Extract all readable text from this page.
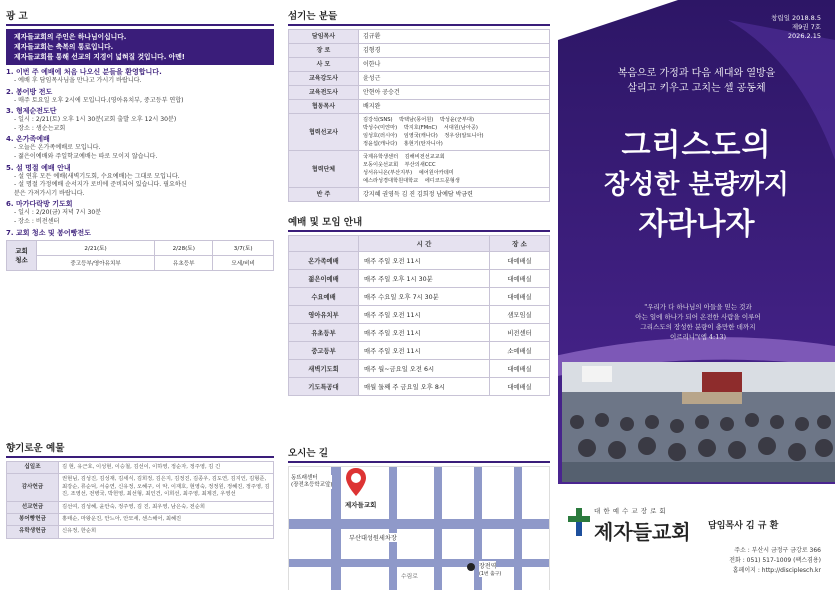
광 고
제자들교회의 주인은 하나님이십니다.
제자들교회는 축복의 통로입니다.
제자들교회를 통해 선교의 지경이 넓혀질 것입니다. 아멘!
1. 이번 주 예배에 처음 나오신 분들을 환영합니다.
- 예배 후 담임목사님을 만나고 가시기 바랍니다.
2. 봉어방 전도
- 매주 토요일 오후 2시에 모입니다.(영아유치부, 중고등부 연합)
3. 형제순전도단
- 일시 : 2/21(토) 오후 1시 30분(교회 출발 오후 12시 30분)
- 장소 : 생순는교회
4. 온가족예배
- 오늘은 온가족예배로 모입니다.
- 젊은이예배와 주일학교예배는 따로 모이지 않습니다.
5. 설 명절 예배 안내
- 설 연휴 모든 예배(새벽기도회, 수요예배)는 그대로 모입니다.
- 설 명절 가정예배 순서지가 로비에 준비되어 있습니다. 필요하신
분은 가져가시기 바랍니다.
6. 마가다락방 기도회
- 일시 : 2/20(금) 저녁 7시 30분
- 장소 : 비전센터
7. 교회 청소 및 봉어빵전도
교회
청소	2/21(토)	2/28(토)	3/7(토)
	중고등부/영아유치부	유초등부	모세/비비
향기로운 예물
십일조	김 현, 유근호, 이성현, 이승철, 김선이, 이하영, 정순자, 정주영, 김 긴
감사헌금	권현님, 김성진, 김성재, 김세식, 김희정, 김은지, 김정진, 김종우, 김도연, 김지인, 김형준, 최강순, 류순덕, 서숭연, 신유정, 오혜구, 이 악, 이재호, 현영숙, 정정원, 정혜진, 정주영, 김 진, 조영선, 전병국, 박헌영, 최선형, 최인건, 이희선, 최주영, 최제진, 우영선
선교헌금	김선여, 김성혜, 윤안숙, 정주영, 김 진, 최우영, 남은숙, 전순희
봉어빵헌금	홍태순, 마왕운진, 안느아, 안모세, 센스해어, 최혜진
유학생헌금	신유정, 한순희
섬기는 분들
담임목사	김규환
장 로	김형경
사 모	이한나
교육강도사	윤성근
교육전도사	안현아 공승건
협동목사	배지완
협력선교사	김강석(SNS)    박택남(몽어원)    박성윤(군부대)
박성수(미얀마)    박지호(FMnC)    서대원(남아공)
임성호(러시아)    임영국(캐나다)    정우상(알토니아)
정윤섭(캐나다)    홍현기(탄자니아)
협력단체	국제유학생센터    김해비전선교교회
모동이웃선교회    부산의새CCC
성서유니온(부산지부)    예어원아카데미
예스라성경대학원대학교    에디코드문형생
반 주	강지혜 권영득 김 진 김희정 남예담 박금련
예배 및 모임 안내
	시 간	장 소
온가족예배	매주 주일 오전 11시	대예배실
젊은이예배	매주 주일 오후 1시 30분	대예배실
수요예배	매주 수요일 오후 7시 30분	대예배실
영아유치부	매주 주일 오전 11시	샘모임실
유초등부	매주 주일 오전 11시	비전센터
중고등부	매주 주일 오전 11시	소예배실
새벽기도회	매주 월~금요일 오전 6시	대예배실
기도특공대	매월 둘째 주 금요일 오후 8시	대예배실
오시는 길
동뜨래센터
(장전초등학교앞)
제자들교회
부산대성원세차장
수림로
장전역
(1번 출구)
창립일 2018.8.5
제9권 7호
2026.2.15
복음으로 가정과 다음 세대와 열방을
살리고 키우고 고치는 셀 공동체
그리스도의
장성한 분량까지
자라나자
"우리가 다 하나님의 아들을 믿는 것과
아는 일에 하나가 되어 온전한 사람을 이루어
그리스도의 장성한 분량이 충만한 데까지
이르리니"(엡 4:13)
대 한 예 수 교 장 로 회
제자들교회 담임목사 김 규 환
주소 : 부산시 금정구 금강로 366
전화 : 051) 517-1009 (팩스겸용)
홈페이지 : http://disciplesch.kr
